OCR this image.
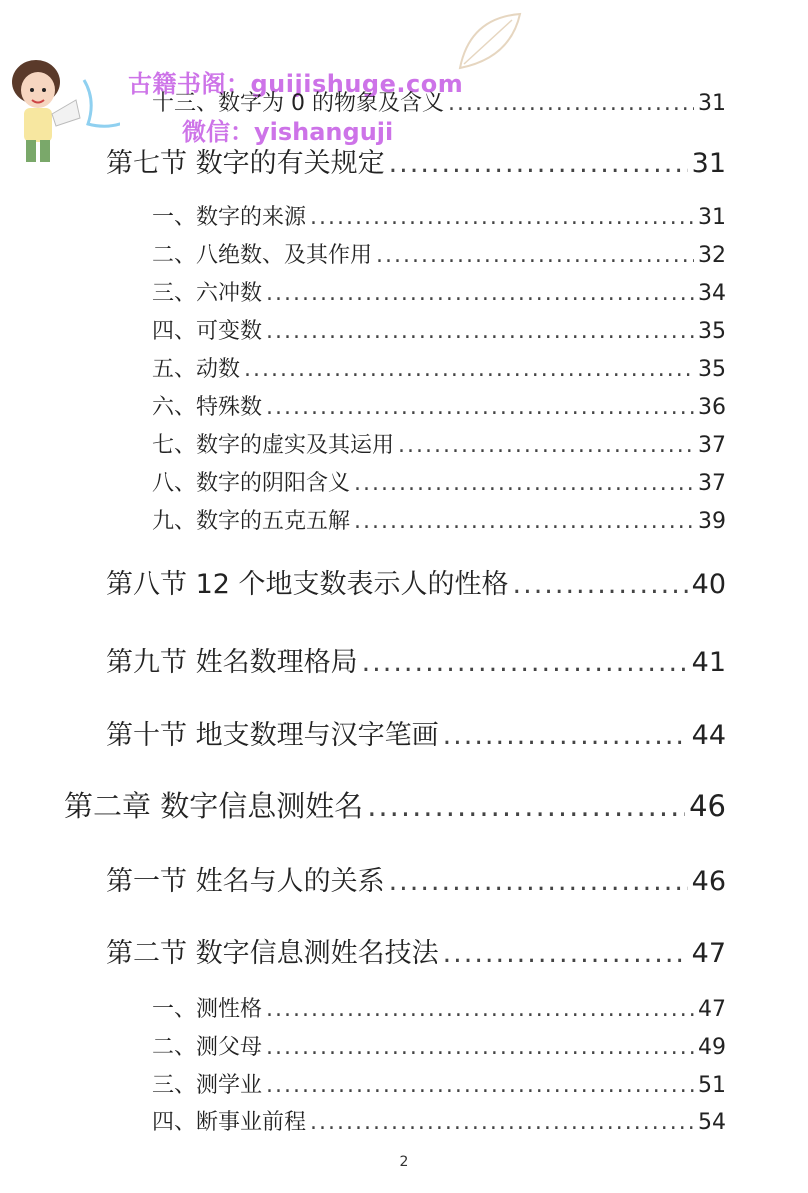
古籍书阁：guijishuge.com
微信：yishanguji
十三、数字为 0 的物象及含义 .....	31
第七节 数字的有关规定 .....	31
一、数字的来源 .....	31
二、八绝数、及其作用 .....	32
三、六冲数 .....	34
四、可变数 .....	35
五、动数 .....	35
六、特殊数 .....	36
七、数字的虚实及其运用 .....	37
八、数字的阴阳含义 .....	37
九、数字的五克五解 .....	39
第八节 12 个地支数表示人的性格 .....	40
第九节 姓名数理格局 .....	41
第十节 地支数理与汉字笔画 .....	44
第二章 数字信息测姓名 .....	46
第一节 姓名与人的关系 .....	46
第二节 数字信息测姓名技法 .....	47
一、测性格 .....	47
二、测父母 .....	49
三、测学业 .....	51
四、断事业前程 .....	54
2
